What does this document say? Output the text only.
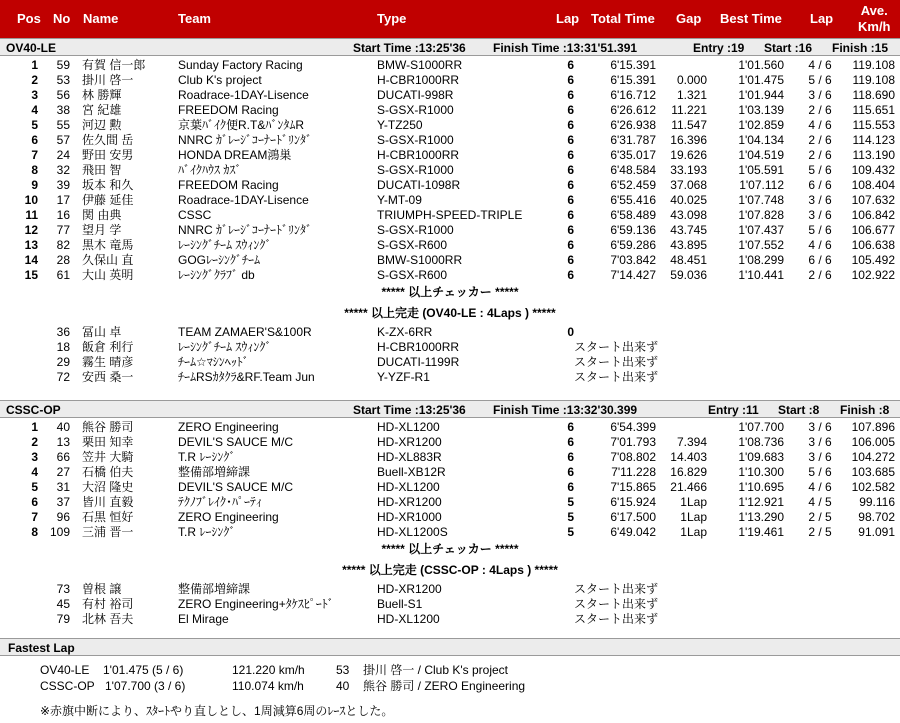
Pos No Name	Team	Type	Lap Total Time Gap Best Time Lap
Ave.
Km/h
OV40-LE	Start Time :13:25'36 Finish Time :13:31'51.391	Entry :19 Start :16 Finish :15
1	59 有賀 信一郎	Sunday Factory Racing	BMW-S1000RR	6	6'15.391	1'01.560	4 / 6	119.108
2	53 掛川 啓一	Club K's project	H-CBR1000RR	6	6'15.391	0.000	1'01.475	5 / 6	119.108
3	56 林 勝輝	Roadrace-1DAY-Lisence	DUCATI-998R	6	6'16.712	1.321	1'01.944	3 / 6	118.690
4	38 宮 紀雄	FREEDOM Racing	S-GSX-R1000	6	6'26.612	11.221	1'03.139	2 / 6	115.651
5	55 河辺 勲	京葉ﾊﾞｲｸ便R.T&ﾊﾞﾝﾀﾑR	Y-TZ250	6	6'26.938	11.547	1'02.859	4 / 6	115.553
6	57 佐久間 岳	NNRC ｶﾞﾚｰｼﾞｺｰﾅｰﾄﾞﾘﾝﾀﾞ	S-GSX-R1000	6	6'31.787	16.396	1'04.134	2 / 6	114.123
7	24 野田 安男	HONDA DREAM鴻巣	H-CBR1000RR	6	6'35.017	19.626	1'04.519	2 / 6	113.190
8	32 飛田 智	ﾊﾞｲｸﾊｳｽ ｶｽﾞ	S-GSX-R1000	6	6'48.584	33.193	1'05.591	5 / 6	109.432
9	39 坂本 和久	FREEDOM Racing	DUCATI-1098R	6	6'52.459	37.068	1'07.112	6 / 6	108.404
10	17 伊藤 延佳	Roadrace-1DAY-Lisence	Y-MT-09	6	6'55.416	40.025	1'07.748	3 / 6	107.632
11	16 関 由典	CSSC	TRIUMPH-SPEED-TRIPLE	6	6'58.489	43.098	1'07.828	3 / 6	106.842
12	77 望月 学	NNRC ｶﾞﾚｰｼﾞｺｰﾅｰﾄﾞﾘﾝﾀﾞ	S-GSX-R1000	6	6'59.136	43.745	1'07.437	5 / 6	106.677
13	82 黒木 竜馬	ﾚｰｼﾝｸﾞﾁｰﾑ ｽｳｨﾝｸﾞ	S-GSX-R600	6	6'59.286	43.895	1'07.552	4 / 6	106.638
14	28 久保山 直	GOGﾚｰｼﾝｸﾞﾁｰﾑ	BMW-S1000RR	6	7'03.842	48.451	1'08.299	6 / 6	105.492
15	61 大山 英明	ﾚｰｼﾝｸﾞｸﾗﾌﾞ db	S-GSX-R600	6	7'14.427	59.036	1'10.441	2 / 6	102.922
***** 以上チェッカー *****
***** 以上完走 (OV40-LE : 4Laps ) *****
36 冨山 卓	TEAM ZAMAER'S&100R	K-ZX-6RR	0
18 飯倉 利行	ﾚｰｼﾝｸﾞﾁｰﾑ ｽｳｨﾝｸﾞ	H-CBR1000RR	スタート出来ず
29 霧生 晴彦	ﾁｰﾑ☆ﾏｼﾝﾍｯﾄﾞ	DUCATI-1199R	スタート出来ず
72 安西 桑一	ﾁｰﾑRSｶﾀｸﾗ&RF.Team Jun	Y-YZF-R1	スタート出来ず
CSSC-OP	Start Time :13:25'36 Finish Time :13:32'30.399	Entry :11 Start :8 Finish :8
1	40 熊谷 勝司	ZERO Engineering	HD-XL1200	6	6'54.399	1'07.700	3 / 6	107.896
2	13 栗田 知幸	DEVIL'S SAUCE M/C	HD-XR1200	6	7'01.793	7.394	1'08.736	3 / 6	106.005
3	66 笠井 大騎	T.R ﾚｰｼﾝｸﾞ	HD-XL883R	6	7'08.802	14.403	1'09.683	3 / 6	104.272
4	27 石橋 伯夫	整備部増締課	Buell-XB12R	6	7'11.228	16.829	1'10.300	5 / 6	103.685
5	31 大沼 隆史	DEVIL'S SAUCE M/C	HD-XL1200	6	7'15.865	21.466	1'10.695	4 / 6	102.582
6	37 皆川 直毅	ﾃｸﾉﾌﾞﾚｲｸ･ﾊﾟｰﾃｨ	HD-XR1200	5	6'15.924	1Lap	1'12.921	4 / 5	99.116
7	96 石黒 恒好	ZERO Engineering	HD-XR1000	5	6'17.500	1Lap	1'13.290	2 / 5	98.702
8 109 三浦 晋一	T.R ﾚｰｼﾝｸﾞ	HD-XL1200S	5	6'49.042	1Lap	1'19.461	2 / 5	91.091
***** 以上チェッカー *****
***** 以上完走 (CSSC-OP : 4Laps ) *****
73 曽根 譲	整備部増締課	HD-XR1200	スタート出来ず
45 有村 裕司	ZERO Engineering+ﾀｹｽﾋﾟｰﾄﾞ	Buell-S1	スタート出来ず
79 北林 吾夫	El Mirage	HD-XL1200	スタート出来ず
Fastest Lap
OV40-LE 1'01.475 (5 / 6)	121.220 km/h	53 掛川 啓一 / Club K's project
CSSC-OP 1'07.700 (3 / 6)	110.074 km/h	40 熊谷 勝司 / ZERO Engineering
※赤旗中断により、ｽﾀｰﾄやり直しとし、1周減算6周のﾚｰｽとした。
